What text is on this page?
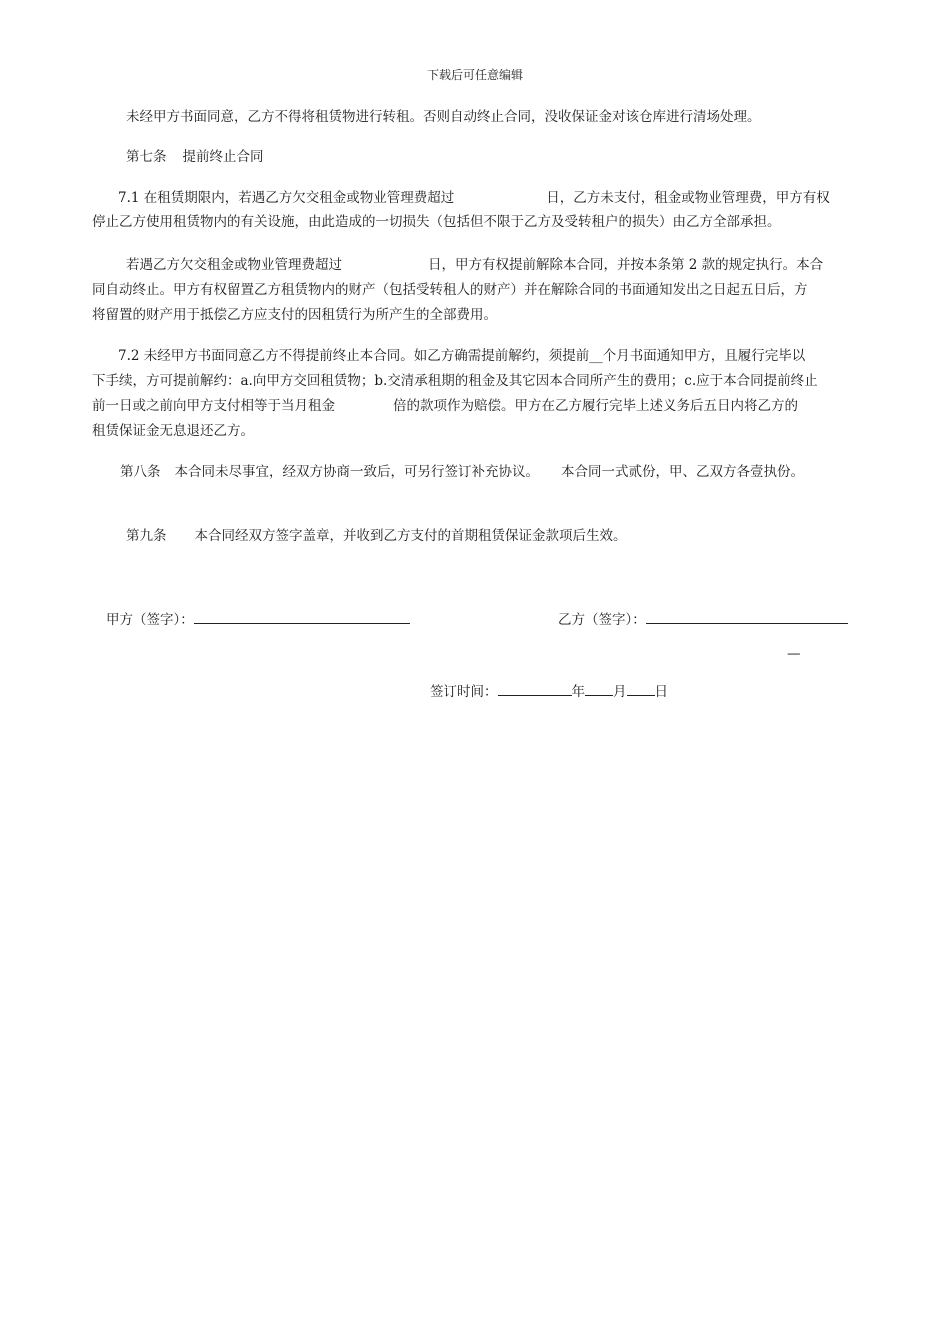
下载后可任意编辑
未经甲方书面同意，乙方不得将租赁物进行转租。否则自动终止合同，没收保证金对该仓库进行清场处理。
第七条 提前终止合同
7.1 在租赁期限内，若遇乙方欠交租金或物业管理费超过	日，乙方未支付，租金或物业管理费，甲方有权
停止乙方使用租赁物内的有关设施，由此造成的一切损失（包括但不限于乙方及受转租户的损失）由乙方全部承担。
若遇乙方欠交租金或物业管理费超过	日，甲方有权提前解除本合同，并按本条第 2 款的规定执行。本合
同自动终止。甲方有权留置乙方租赁物内的财产（包括受转租人的财产）并在解除合同的书面通知发出之日起五日后，方
将留置的财产用于抵偿乙方应支付的因租赁行为所产生的全部费用。
7.2 未经甲方书面同意乙方不得提前终止本合同。如乙方确需提前解约，须提前__个月书面通知甲方，且履行完毕以
下手续，方可提前解约：a.向甲方交回租赁物；b.交清承租期的租金及其它因本合同所产生的费用；c.应于本合同提前终止
前一日或之前向甲方支付相等于当月租金	倍的款项作为赔偿。甲方在乙方履行完毕上述义务后五日内将乙方的
租赁保证金无息退还乙方。
第八条 本合同未尽事宜，经双方协商一致后，可另行签订补充协议。 本合同一式贰份，甲、乙双方各壹执份。
第九条 本合同经双方签字盖章，并收到乙方支付的首期租赁保证金款项后生效。
甲方（签字）：	乙方（签字）：
—
签订时间：	年 月 日
